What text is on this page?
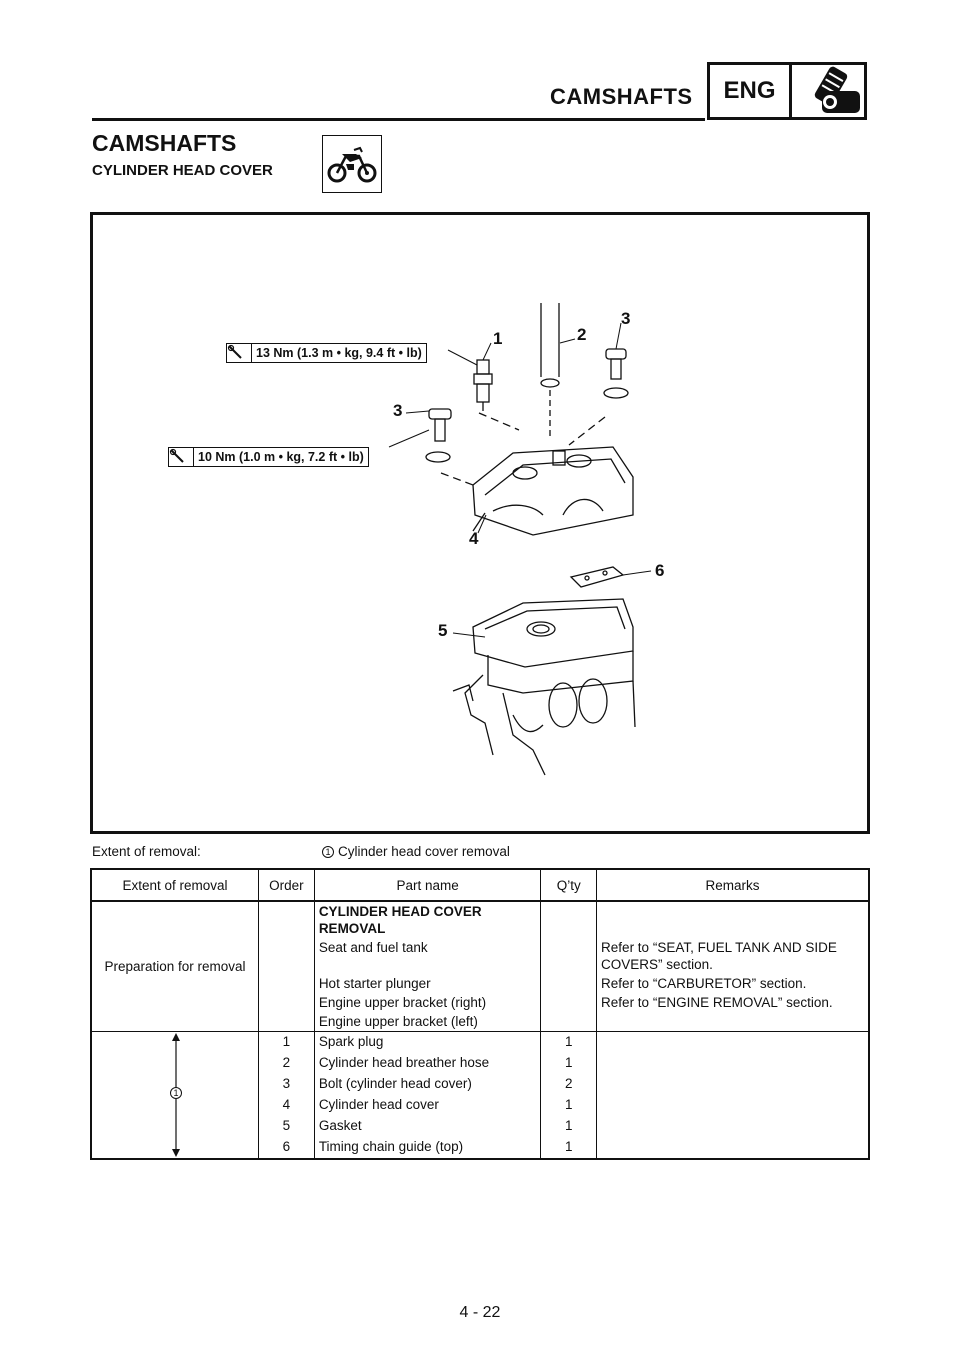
CAMSHAFTS	ENG
CAMSHAFTS
CYLINDER HEAD COVER
13 Nm (1.3 m • kg, 9.4 ft • lb)
10 Nm (1.0 m • kg, 7.2 ft • lb)
1	2
3
3
4
5
6
Extent of removal:	1 Cylinder head cover removal
Extent of removal	Order	Part name	Q’ty	Remarks
Preparation for removal		CYLINDER HEAD COVER REMOVAL		
		Seat and fuel tank		Refer to “SEAT, FUEL TANK AND SIDE COVERS” section.
		Hot starter plunger		Refer to “CARBURETOR” section.
		Engine upper bracket (right)		Refer to “ENGINE REMOVAL” section.
		Engine upper bracket (left)		

1	1	Spark plug	1	
	2	Cylinder head breather hose	1	
	3	Bolt (cylinder head cover)	2	
	4	Cylinder head cover	1	
	5	Gasket	1	
	6	Timing chain guide (top)	1	
4 - 22
